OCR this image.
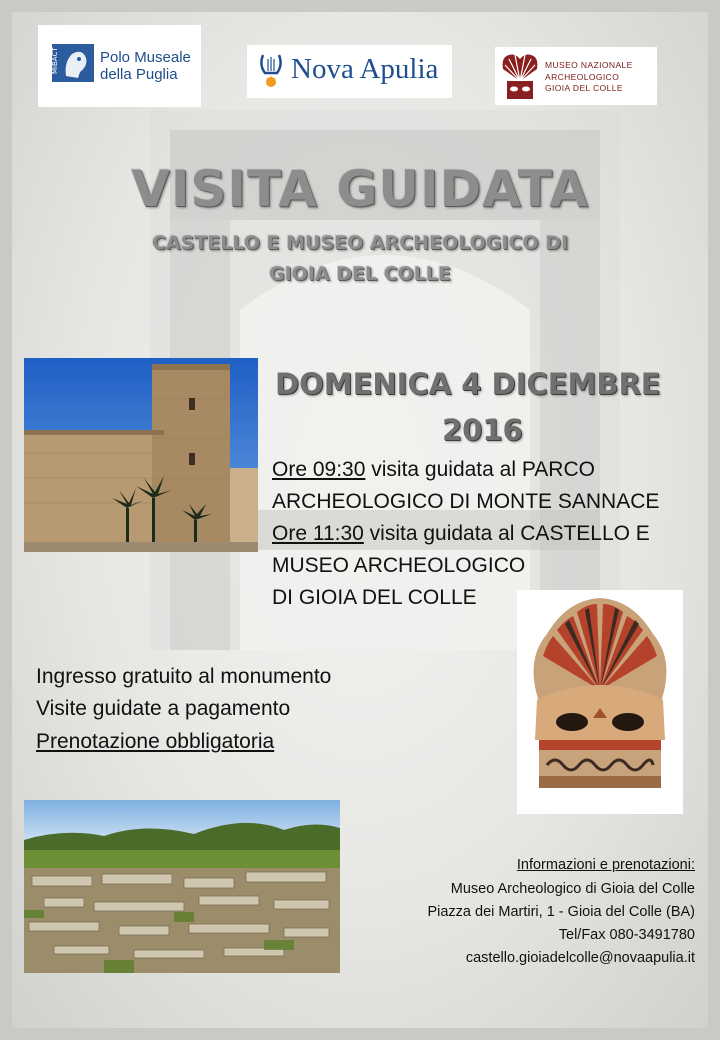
MiBACT	Polo Museale
della Puglia	Nova Apulia	MUSEO NAZIONALE
ARCHEOLOGICO
GIOIA DEL COLLE
VISITA GUIDATA
CASTELLO E MUSEO ARCHEOLOGICO DI
GIOIA DEL COLLE
DOMENICA 4 DICEMBRE
2016
Ore 09:30 visita guidata al PARCO
ARCHEOLOGICO DI MONTE SANNACE
Ore 11:30 visita guidata al CASTELLO E
MUSEO ARCHEOLOGICO
DI GIOIA DEL COLLE
Ingresso gratuito al monumento
Visite guidate a pagamento
Prenotazione obbligatoria
Informazioni e prenotazioni:
Museo Archeologico di Gioia del Colle
Piazza dei Martiri, 1 - Gioia del Colle (BA)
Tel/Fax 080-3491780
castello.gioiadelcolle@novaapulia.it
